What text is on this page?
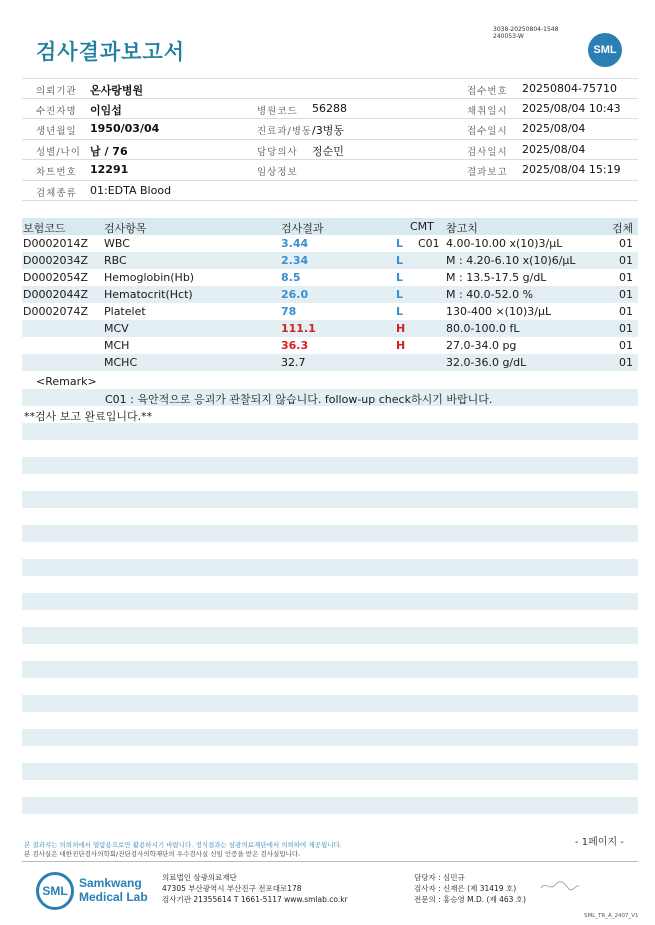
검사결과보고서
3038-20250804-1548
240053-W
SML
의뢰기관 온사랑병원	접수번호 20250804-75710
수진자명 이임섭	병원코드 56288	채취일시 2025/08/04 10:43
생년월일 1950/03/04	진료과/병동 /3병동	접수일시 2025/08/04
성별/나이 남 / 76	담당의사 정순민	검사일시 2025/08/04
차트번호 12291	임상정보	결과보고 2025/08/04 15:19
검체종류 01:EDTA Blood
보험코드	검사항목	검사결과	CMT 참고치	검체
D0002014Z WBC	3.44	L C01 4.00-10.00 x(10)3/μL	01
D0002034Z RBC	2.34	L	M : 4.20-6.10 x(10)6/μL	01
D0002054Z Hemoglobin(Hb)	8.5	L	M : 13.5-17.5 g/dL	01
D0002044Z Hematocrit(Hct)	26.0	L	M : 40.0-52.0 %	01
D0002074Z Platelet	78	L	130-400 ×(10)3/μL	01
MCV	111.1	H	80.0-100.0 fL	01
MCH	36.3	H	27.0-34.0 pg	01
MCHC	32.7	32.0-36.0 g/dL	01
<Remark>
C01 : 육안적으로 응괴가 관찰되지 않습니다. follow-up check하시기 바랍니다.
**검사 보고 완료입니다.**
- 1페이지 -
본 결과지는 의뢰처에서 열람용으로만 활용하시기 바랍니다. 정식결과는 삼광의료재단에서 의뢰하여 제공됩니다.
본 검사실은 대한진단검사의학회/진단검사의학재단의 우수검사실 신임 인증을 받은 검사실입니다.
SML
Samkwang
Medical Lab
의료법인 삼광의료재단
47305 부산광역시 부산진구 전포대로178
검사기관 21355614 T 1661-5117 www.smlab.co.kr
담당자 : 심민규
검사자 : 신재은 (제 31419 호)
전문의 : 홍승영 M.D. (제 463 호)
SML_TR_A_2407_V1
